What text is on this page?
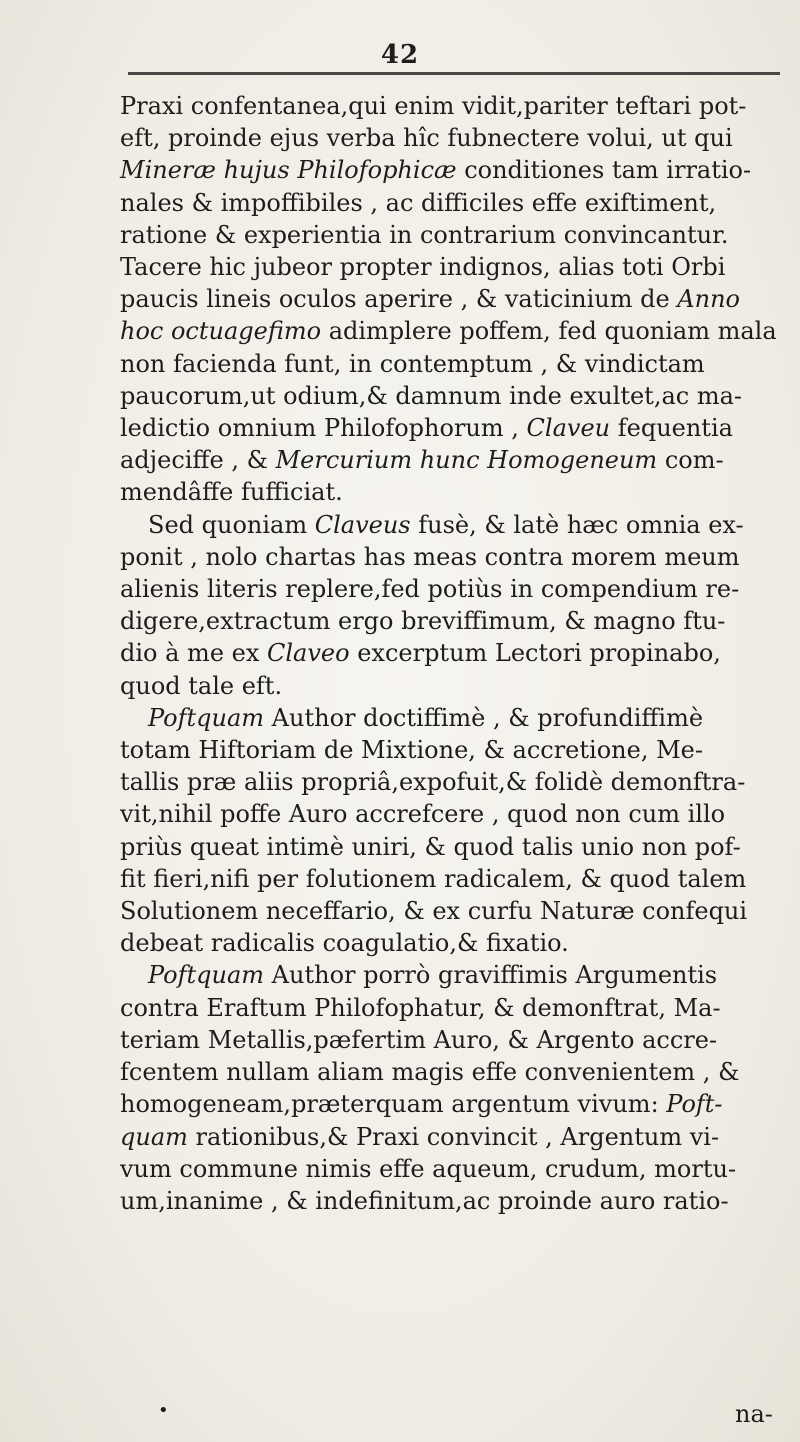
42
Praxi confentanea,qui enim vidit,pariter teftari pot-
eft, proinde ejus verba hîc fubnectere volui, ut qui
Mineræ hujus Philofophicæ conditiones tam irratio-
nales & impoffibiles , ac difficiles effe exiftiment,
ratione & experientia in contrarium convincantur.
Tacere hic jubeor propter indignos, alias toti Orbi
paucis lineis oculos aperire , & vaticinium de Anno
hoc octuagefimo adimplere poffem, fed quoniam mala
non facienda funt, in contemptum , & vindictam
paucorum,ut odium,& damnum inde exultet,ac ma-
ledictio omnium Philofophorum , Claveu fequentia
adjeciffe , & Mercurium hunc Homogeneum com-
mendâffe fufficiat.
Sed quoniam Claveus fusè, & latè hæc omnia ex-
ponit , nolo chartas has meas contra morem meum
alienis literis replere,fed potiùs in compendium re-
digere,extractum ergo breviffimum, & magno ftu-
dio à me ex Claveo excerptum Lectori propinabo,
quod tale eft.
Poftquam Author doctiffimè , & profundiffimè
totam Hiftoriam de Mixtione, & accretione, Me-
tallis præ aliis propriâ,expofuit,& folidè demonftra-
vit,nihil poffe Auro accrefcere , quod non cum illo
priùs queat intimè uniri, & quod talis unio non pof-
fit fieri,nifi per folutionem radicalem, & quod talem
Solutionem neceffario, & ex curfu Naturæ confequi
debeat radicalis coagulatio,& fixatio.
Poftquam Author porrò graviffimis Argumentis
contra Eraftum Philofophatur, & demonftrat, Ma-
teriam Metallis,pæfertim Auro, & Argento accre-
fcentem nullam aliam magis effe convenientem , &
homogeneam,præterquam argentum vivum: Poft-
quam rationibus,& Praxi convincit , Argentum vi-
vum commune nimis effe aqueum, crudum, mortu-
um,inanime , & indefinitum,ac proinde auro ratio-
•	na-
